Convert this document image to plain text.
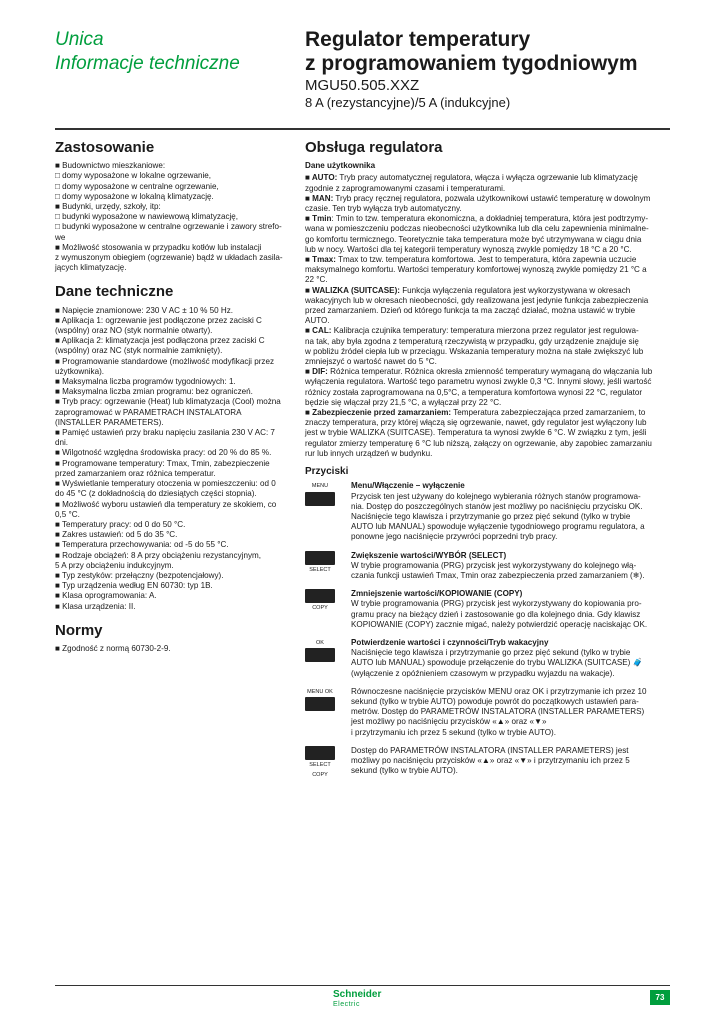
Unica
Informacje techniczne
Regulator temperatury
z programowaniem tygodniowym
MGU50.505.XXZ
8 A (rezystancyjne)/5 A (indukcyjne)
Zastosowanie

■ Budownictwo mieszkaniowe:
□ domy wyposażone w lokalne ogrzewanie,
□ domy wyposażone w centralne ogrzewanie,
□ domy wyposażone w lokalną klimatyzację.
■ Budynki, urzędy, szkoły, itp:
□ budynki wyposażone w nawiewową klimatyzację,
□ budynki wyposażone w centralne ogrzewanie i zawory strefo-
we
■ Możliwość stosowania w przypadku kotłów lub instalacji
z wymuszonym obiegiem (ogrzewanie) bądź w układach zasila-
jących klimatyzację.

Dane techniczne

■ Napięcie znamionowe: 230 V AC ± 10 % 50 Hz.
■ Aplikacja 1: ogrzewanie jest podłączone przez zaciski C
(wspólny) oraz NO (styk normalnie otwarty).
■ Aplikacja 2: klimatyzacja jest podłączona przez zaciski C
(wspólny) oraz NC (styk normalnie zamknięty).
■ Programowanie standardowe (możliwość modyfikacji przez
użytkownika).
■ Maksymalna liczba programów tygodniowych: 1.
■ Maksymalna liczba zmian programu: bez ograniczeń.
■ Tryb pracy: ogrzewanie (Heat) lub klimatyzacja (Cool) można
zaprogramować w PARAMETRACH INSTALATORA
(INSTALLER PARAMETERS).
■ Pamięć ustawień przy braku napięciu zasilania 230 V AC: 7
dni.
■ Wilgotność względna środowiska pracy: od 20 % do 85 %.
■ Programowane temperatury: Tmax, Tmin, zabezpieczenie
przed zamarzaniem oraz różnica temperatur.
■ Wyświetlanie temperatury otoczenia w pomieszczeniu: od 0
do 45 °C (z dokładnością do dziesiątych części stopnia).
■ Możliwość wyboru ustawień dla temperatury ze skokiem, co
0,5 °C.
■ Temperatury pracy: od 0 do 50 °C.
■ Zakres ustawień: od 5 do 35 °C.
■ Temperatura przechowywania: od -5 do 55 °C.
■ Rodzaje obciążeń: 8 A przy obciążeniu rezystancyjnym,
5 A przy obciążeniu indukcyjnym.
■ Typ zestyków: przełączny (bezpotencjałowy).
■ Typ urządzenia według EN 60730: typ 1B.
■ Klasa oprogramowania: A.
■ Klasa urządzenia: II.

Normy

■ Zgodność z normą 60730-2-9.

Obsługa regulatora
Dane użytkownika

■ AUTO: Tryb pracy automatycznej regulatora, włącza i wyłącza ogrzewanie lub klimatyzację
zgodnie z zaprogramowanymi czasami i temperaturami.

■ MAN: Tryb pracy ręcznej regulatora, pozwala użytkownikowi ustawić temperaturę w dowolnym
czasie. Ten tryb wyłącza tryb automatyczny.

■ Tmin: Tmin to tzw. temperatura ekonomiczna, a dokładniej temperatura, która jest podtrzymy-
wana w pomieszczeniu podczas nieobecności użytkownika lub dla celu zapewnienia minimalne-
go komfortu termicznego. Teoretycznie taka temperatura może być utrzymywana w ciągu dnia
lub w nocy. Wartości dla tej kategorii temperatury wynoszą zwykle pomiędzy 18 °C a 20 °C.

■ Tmax: Tmax to tzw. temperatura komfortowa. Jest to temperatura, która zapewnia uczucie
maksymalnego komfortu. Wartości temperatury komfortowej wynoszą zwykle pomiędzy 21 °C a
22 °C.

■ WALIZKA (SUITCASE): Funkcja wyłączenia regulatora jest wykorzystywana w okresach
wakacyjnych lub w okresach nieobecności, gdy realizowana jest jedynie funkcja zabezpieczenia
przed zamarzaniem. Dzień od którego funkcja ta ma zacząć działać, można ustawić w trybie
AUTO.

■ CAL: Kalibracja czujnika temperatury: temperatura mierzona przez regulator jest regulowa-
na tak, aby była zgodna z temperaturą rzeczywistą w przypadku, gdy urządzenie znajduje się
w pobliżu źródeł ciepła lub w przeciągu. Wskazania temperatury można na stałe zwiększyć lub
zmniejszyć o wartość nawet do 5 °C.

■ DIF: Różnica temperatur. Różnica okresła zmienność temperatury wymaganą do włączania lub
wyłączenia regulatora. Wartość tego parametru wynosi zwykle 0,3 °C. Innymi słowy, jeśli wartość
różnicy została zaprogramowana na 0,5°C, a temperatura komfortowa wynosi 22 °C, regulator
będzie się włączał przy 21,5 °C, a wyłączał przy 22 °C.

■ Zabezpieczenie przed zamarzaniem: Temperatura zabezpieczająca przed zamarzaniem, to
znaczy temperatura, przy której włączą się ogrzewanie, nawet, gdy regulator jest wyłączony lub
jest w trybie WALIZKA (SUITCASE). Temperatura ta wynosi zwykle 6 °C. W związku z tym, jeśli
regulator zmierzy temperaturę 6 °C lub niższą, załączy on ogrzewanie, aby zapobiec zamarzaniu
rur lub innych urządzeń w budynku.

Przyciski
MENU	Menu/Włączenie – wyłączenie
Przycisk ten jest używany do kolejnego wybierania różnych stanów programowa-
nia. Dostęp do poszczególnych stanów jest możliwy po naciśnięciu przycisku OK.
Naciśnięcie tego klawisza i przytrzymanie go przez pięć sekund (tylko w trybie
AUTO lub MANUAL) spowoduje wyłączenie tygodniowego programu regulatora, a
ponowne jego naciśnięcie przywróci poprzedni tryb pracy.
SELECT
Zwiększenie wartości/WYBÓR (SELECT)
W trybie programowania (PRG) przycisk jest wykorzystywany do kolejnego włą-
czania funkcji ustawień Tmax, Tmin oraz zabezpieczenia przed zamarzaniem (❄).
COPY
Zmniejszenie wartości/KOPIOWANIE (COPY)
W trybie programowania (PRG) przycisk jest wykorzystywany do kopiowania pro-
gramu pracy na bieżący dzień i zastosowanie go dla kolejnego dnia. Gdy klawisz
KOPIOWANIE (COPY) zacznie migać, należy potwierdzić operację naciskając OK.
OK	Potwierdzenie wartości i czynności/Tryb wakacyjny
Naciśnięcie tego klawisza i przytrzymanie go przez pięć sekund (tylko w trybie
AUTO lub MANUAL) spowoduje przełączenie do trybu WALIZKA (SUITCASE) 🧳
(wyłączenie z opóźnieniem czasowym w przypadku wyjazdu na wakacje).
MENU OK Równoczesne naciśnięcie przycisków MENU oraz OK i przytrzymanie ich przez 10
sekund (tylko w trybie AUTO) powoduje powrót do początkowych ustawień para-
metrów. Dostęp do PARAMETRÓW INSTALATORA (INSTALLER PARAMETERS)
jest możliwy po naciśnięciu przycisków «▲» oraz «▼»
i przytrzymaniu ich przez 5 sekund (tylko w trybie AUTO).
SELECT COPY
Dostęp do PARAMETRÓW INSTALATORA (INSTALLER PARAMETERS) jest
możliwy po naciśnięciu przycisków «▲» oraz «▼» i przytrzymaniu ich przez 5
sekund (tylko w trybie AUTO).
Schneider
Electric
73
